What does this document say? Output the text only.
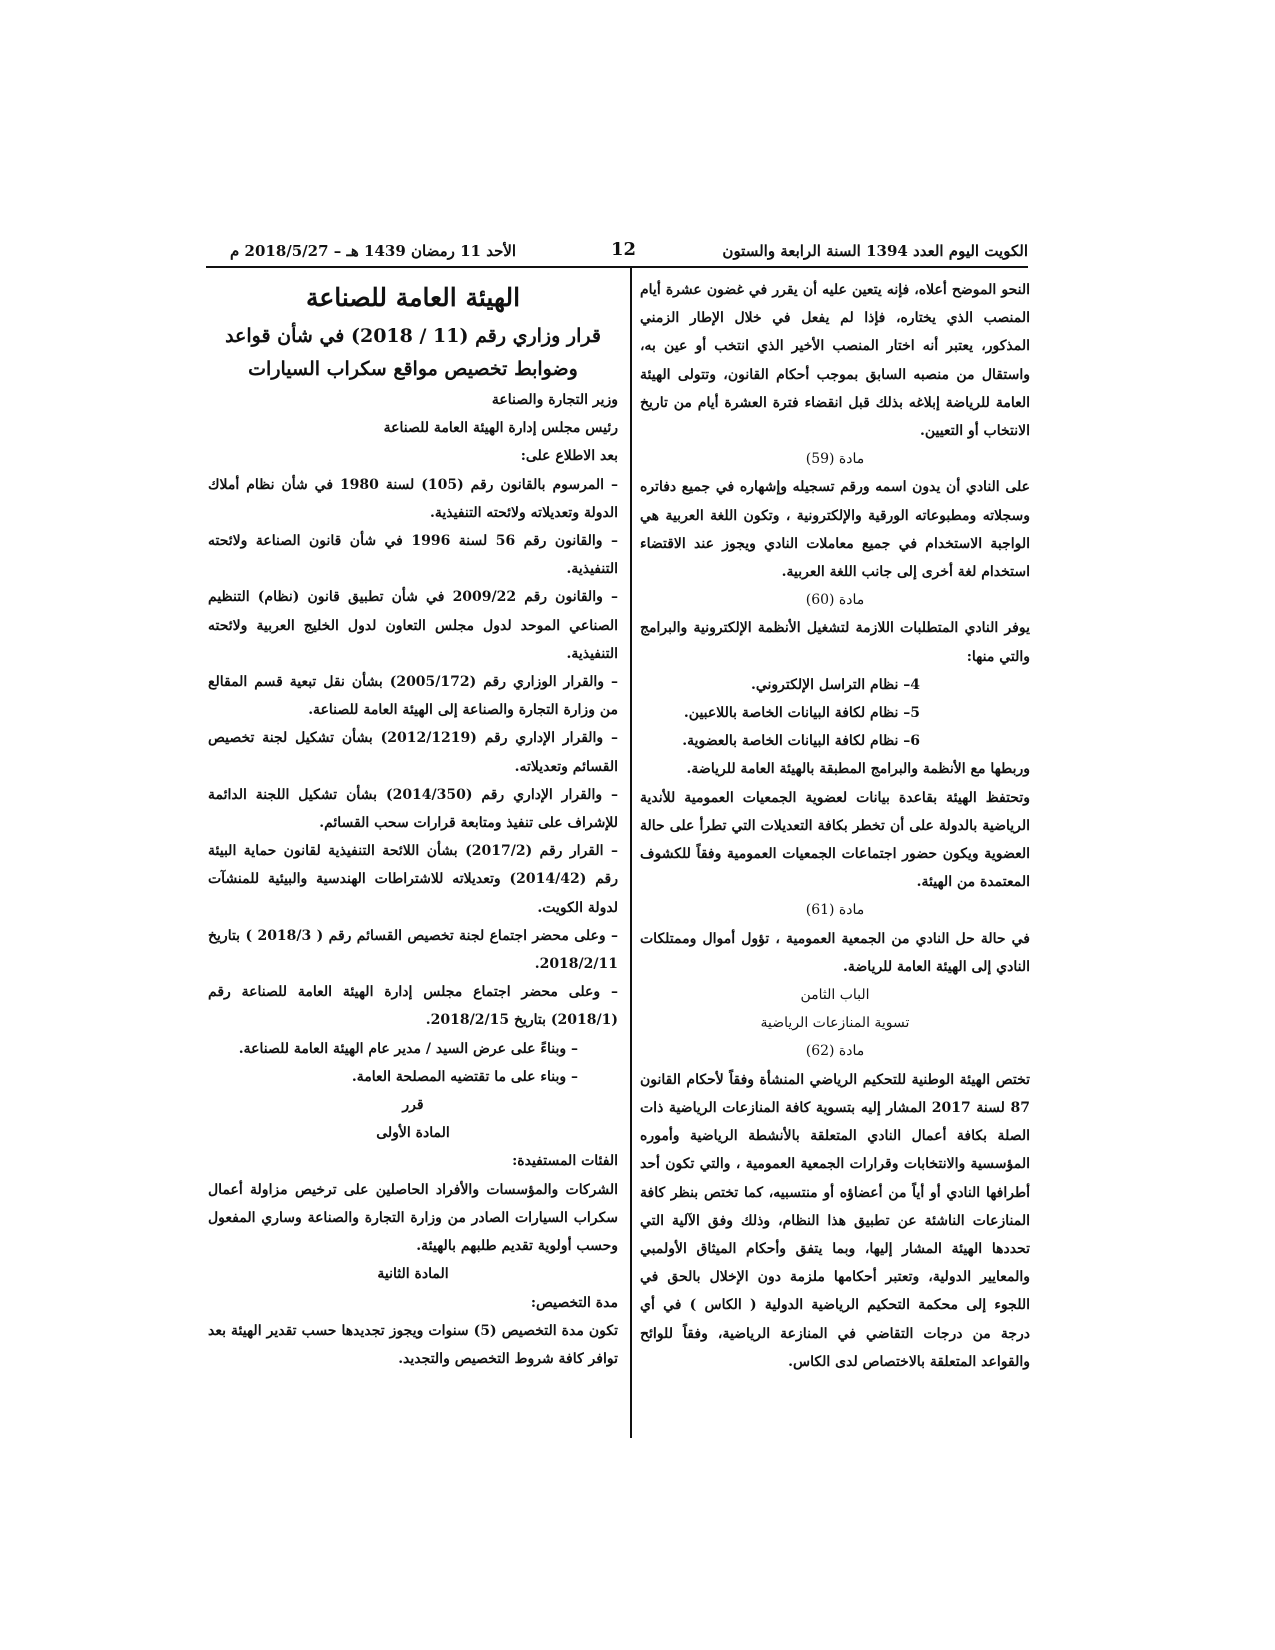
الكويت اليوم العدد 1394 السنة الرابعة والستون
12
الأحد 11 رمضان 1439 هـ – 2018/5/27 م

النحو الموضح أعلاه، فإنه يتعين عليه أن يقرر في غضون عشرة أيام المنصب الذي يختاره، فإذا لم يفعل في خلال الإطار الزمني المذكور، يعتبر أنه اختار المنصب الأخير الذي انتخب أو عين به، واستقال من منصبه السابق بموجب أحكام القانون، وتتولى الهيئة العامة للرياضة إبلاغه بذلك قبل انقضاء فترة العشرة أيام من تاريخ الانتخاب أو التعيين.

مادة (59)

على النادي أن يدون اسمه ورقم تسجيله وإشهاره في جميع دفاتره وسجلاته ومطبوعاته الورقية والإلكترونية ، وتكون اللغة العربية هي الواجبة الاستخدام في جميع معاملات النادي ويجوز عند الاقتضاء استخدام لغة أخرى إلى جانب اللغة العربية.

مادة (60)

يوفر النادي المتطلبات اللازمة لتشغيل الأنظمة الإلكترونية والبرامج والتي منها:

4– نظام التراسل الإلكتروني.

5– نظام لكافة البيانات الخاصة باللاعبين.

6– نظام لكافة البيانات الخاصة بالعضوية.

وربطها مع الأنظمة والبرامج المطبقة بالهيئة العامة للرياضة.

وتحتفظ الهيئة بقاعدة بيانات لعضوية الجمعيات العمومية للأندية الرياضية بالدولة على أن تخطر بكافة التعديلات التي تطرأ على حالة العضوية ويكون حضور اجتماعات الجمعيات العمومية وفقاً للكشوف المعتمدة من الهيئة.

مادة (61)

في حالة حل النادي من الجمعية العمومية ، تؤول أموال وممتلكات النادي إلى الهيئة العامة للرياضة.

الباب الثامن

تسوية المنازعات الرياضية

مادة (62)

تختص الهيئة الوطنية للتحكيم الرياضي المنشأة وفقاً لأحكام القانون 87 لسنة 2017 المشار إليه بتسوية كافة المنازعات الرياضية ذات الصلة بكافة أعمال النادي المتعلقة بالأنشطة الرياضية وأموره المؤسسية والانتخابات وقرارات الجمعية العمومية ، والتي تكون أحد أطرافها النادي أو أياً من أعضاؤه أو منتسبيه، كما تختص بنظر كافة المنازعات الناشئة عن تطبيق هذا النظام، وذلك وفق الآلية التي تحددها الهيئة المشار إليها، وبما يتفق وأحكام الميثاق الأولمبي والمعايير الدولية، وتعتبر أحكامها ملزمة دون الإخلال بالحق في اللجوء إلى محكمة التحكيم الرياضية الدولية ( الكاس ) في أي درجة من درجات التقاضي في المنازعة الرياضية، وفقاً للوائح والقواعد المتعلقة بالاختصاص لدى الكاس.

الهيئة العامة للصناعة

قرار وزاري رقم (11 / 2018) في شأن قواعد

وضوابط تخصيص مواقع سكراب السيارات

وزير التجارة والصناعة

رئيس مجلس إدارة الهيئة العامة للصناعة

بعد الاطلاع على:

– المرسوم بالقانون رقم (105) لسنة 1980 في شأن نظام أملاك الدولة وتعديلاته ولائحته التنفيذية.

– والقانون رقم 56 لسنة 1996 في شأن قانون الصناعة ولائحته التنفيذية.

– والقانون رقم 2009/22 في شأن تطبيق قانون (نظام) التنظيم الصناعي الموحد لدول مجلس التعاون لدول الخليج العربية ولائحته التنفيذية.

– والقرار الوزاري رقم (2005/172) بشأن نقل تبعية قسم المقالع من وزارة التجارة والصناعة إلى الهيئة العامة للصناعة.

– والقرار الإداري رقم (2012/1219) بشأن تشكيل لجنة تخصيص القسائم وتعديلاته.

– والقرار الإداري رقم (2014/350) بشأن تشكيل اللجنة الدائمة للإشراف على تنفيذ ومتابعة قرارات سحب القسائم.

– القرار رقم (2017/2) بشأن اللائحة التنفيذية لقانون حماية البيئة رقم (2014/42) وتعديلاته للاشتراطات الهندسية والبيئية للمنشآت لدولة الكويت.

– وعلى محضر اجتماع لجنة تخصيص القسائم رقم ( 2018/3 ) بتاريخ 2018/2/11.

– وعلى محضر اجتماع مجلس إدارة الهيئة العامة للصناعة رقم (2018/1) بتاريخ 2018/2/15.

– وبناءً على عرض السيد / مدير عام الهيئة العامة للصناعة.

– وبناء على ما تقتضيه المصلحة العامة.

قرر

المادة الأولى

الفئات المستفيدة:

الشركات والمؤسسات والأفراد الحاصلين على ترخيص مزاولة أعمال سكراب السيارات الصادر من وزارة التجارة والصناعة وساري المفعول وحسب أولوية تقديم طلبهم بالهيئة.

المادة الثانية

مدة التخصيص:

تكون مدة التخصيص (5) سنوات ويجوز تجديدها حسب تقدير الهيئة بعد توافر كافة شروط التخصيص والتجديد.
